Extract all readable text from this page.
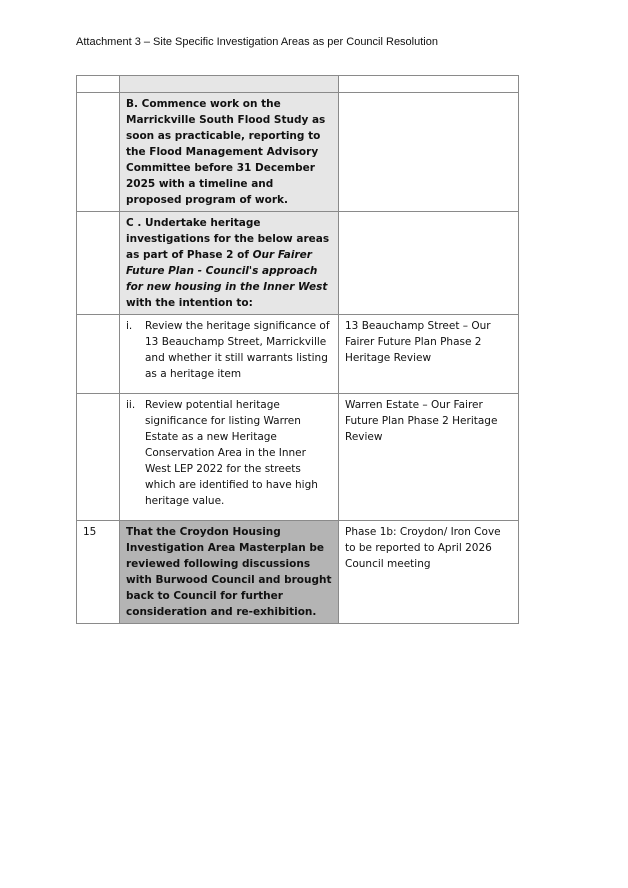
Attachment 3 – Site Specific Investigation Areas as per Council Resolution

	B. Commence work on the Marrickville South Flood Study as soon as practicable, reporting to the Flood Management Advisory Committee before 31 December 2025 with a timeline and proposed program of work.	

	C . Undertake heritage investigations for the below areas as part of Phase 2 of Our Fairer Future Plan - Council's approach for new housing in the Inner West with the intention to:	

	i. Review the heritage significance of 13 Beauchamp Street, Marrickville and whether it still warrants listing as a heritage item	13 Beauchamp Street – Our Fairer Future Plan Phase 2 Heritage Review

	ii. Review potential heritage significance for listing Warren Estate as a new Heritage Conservation Area in the Inner West LEP 2022 for the streets which are identified to have high heritage value.	Warren Estate – Our Fairer Future Plan Phase 2 Heritage Review

15	That the Croydon Housing Investigation Area Masterplan be reviewed following discussions with Burwood Council and brought back to Council for further consideration and re-exhibition.	Phase 1b: Croydon/ Iron Cove to be reported to April 2026 Council meeting
